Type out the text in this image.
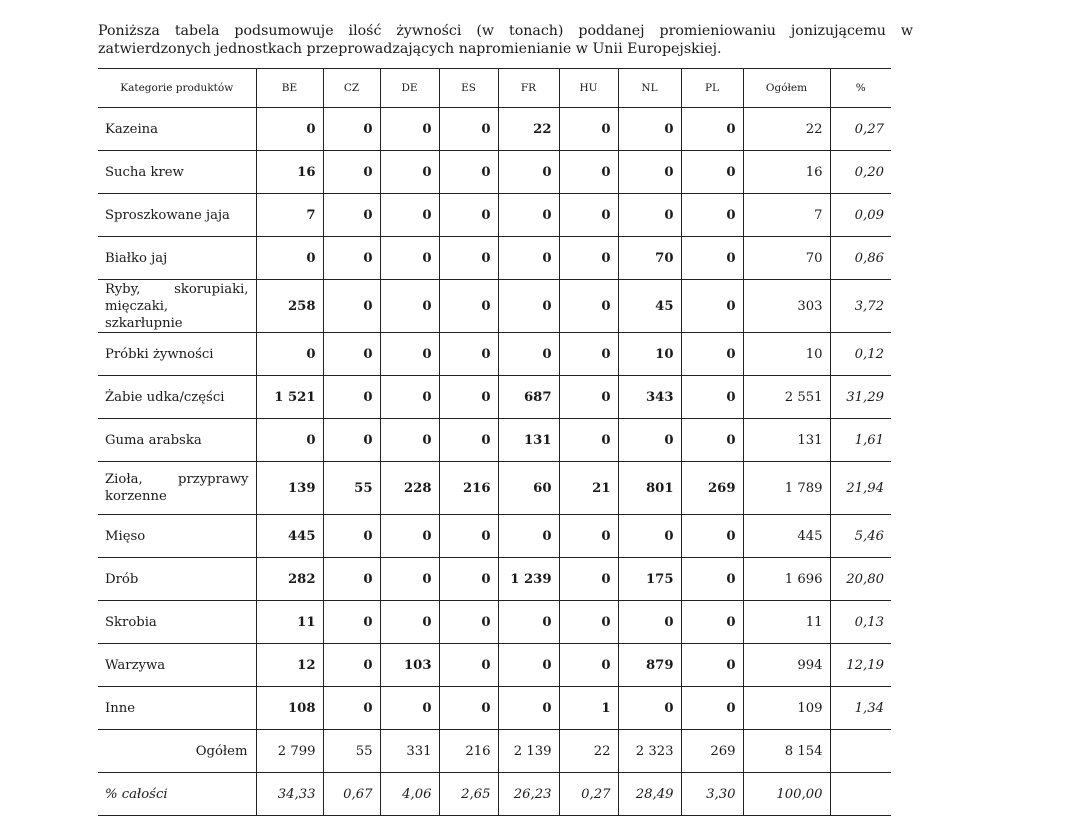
Poniższa tabela podsumowuje ilość żywności (w tonach) poddanej promieniowaniu jonizującemu w zatwierdzonych jednostkach przeprowadzających napromienianie w Unii Europejskiej.

Kategorie produktów	BE	CZ	DE	ES	FR	HU	NL	PL	Ogółem	%
Kazeina	0	0	0	0	22	0	0	0	22	0,27
Sucha krew	16	0	0	0	0	0	0	0	16	0,20
Sproszkowane jaja	7	0	0	0	0	0	0	0	7	0,09
Białko jaj	0	0	0	0	0	0	70	0	70	0,86
Ryby, skorupiaki, mięczaki, szkarłupnie	258	0	0	0	0	0	45	0	303	3,72
Próbki żywności	0	0	0	0	0	0	10	0	10	0,12
Żabie udka/części	1 521	0	0	0	687	0	343	0	2 551	31,29
Guma arabska	0	0	0	0	131	0	0	0	131	1,61
Zioła, przyprawy korzenne	139	55	228	216	60	21	801	269	1 789	21,94
Mięso	445	0	0	0	0	0	0	0	445	5,46
Drób	282	0	0	0	1 239	0	175	0	1 696	20,80
Skrobia	11	0	0	0	0	0	0	0	11	0,13
Warzywa	12	0	103	0	0	0	879	0	994	12,19
Inne	108	0	0	0	0	1	0	0	109	1,34
Ogółem	2 799	55	331	216	2 139	22	2 323	269	8 154	
% całości	34,33	0,67	4,06	2,65	26,23	0,27	28,49	3,30	100,00	
